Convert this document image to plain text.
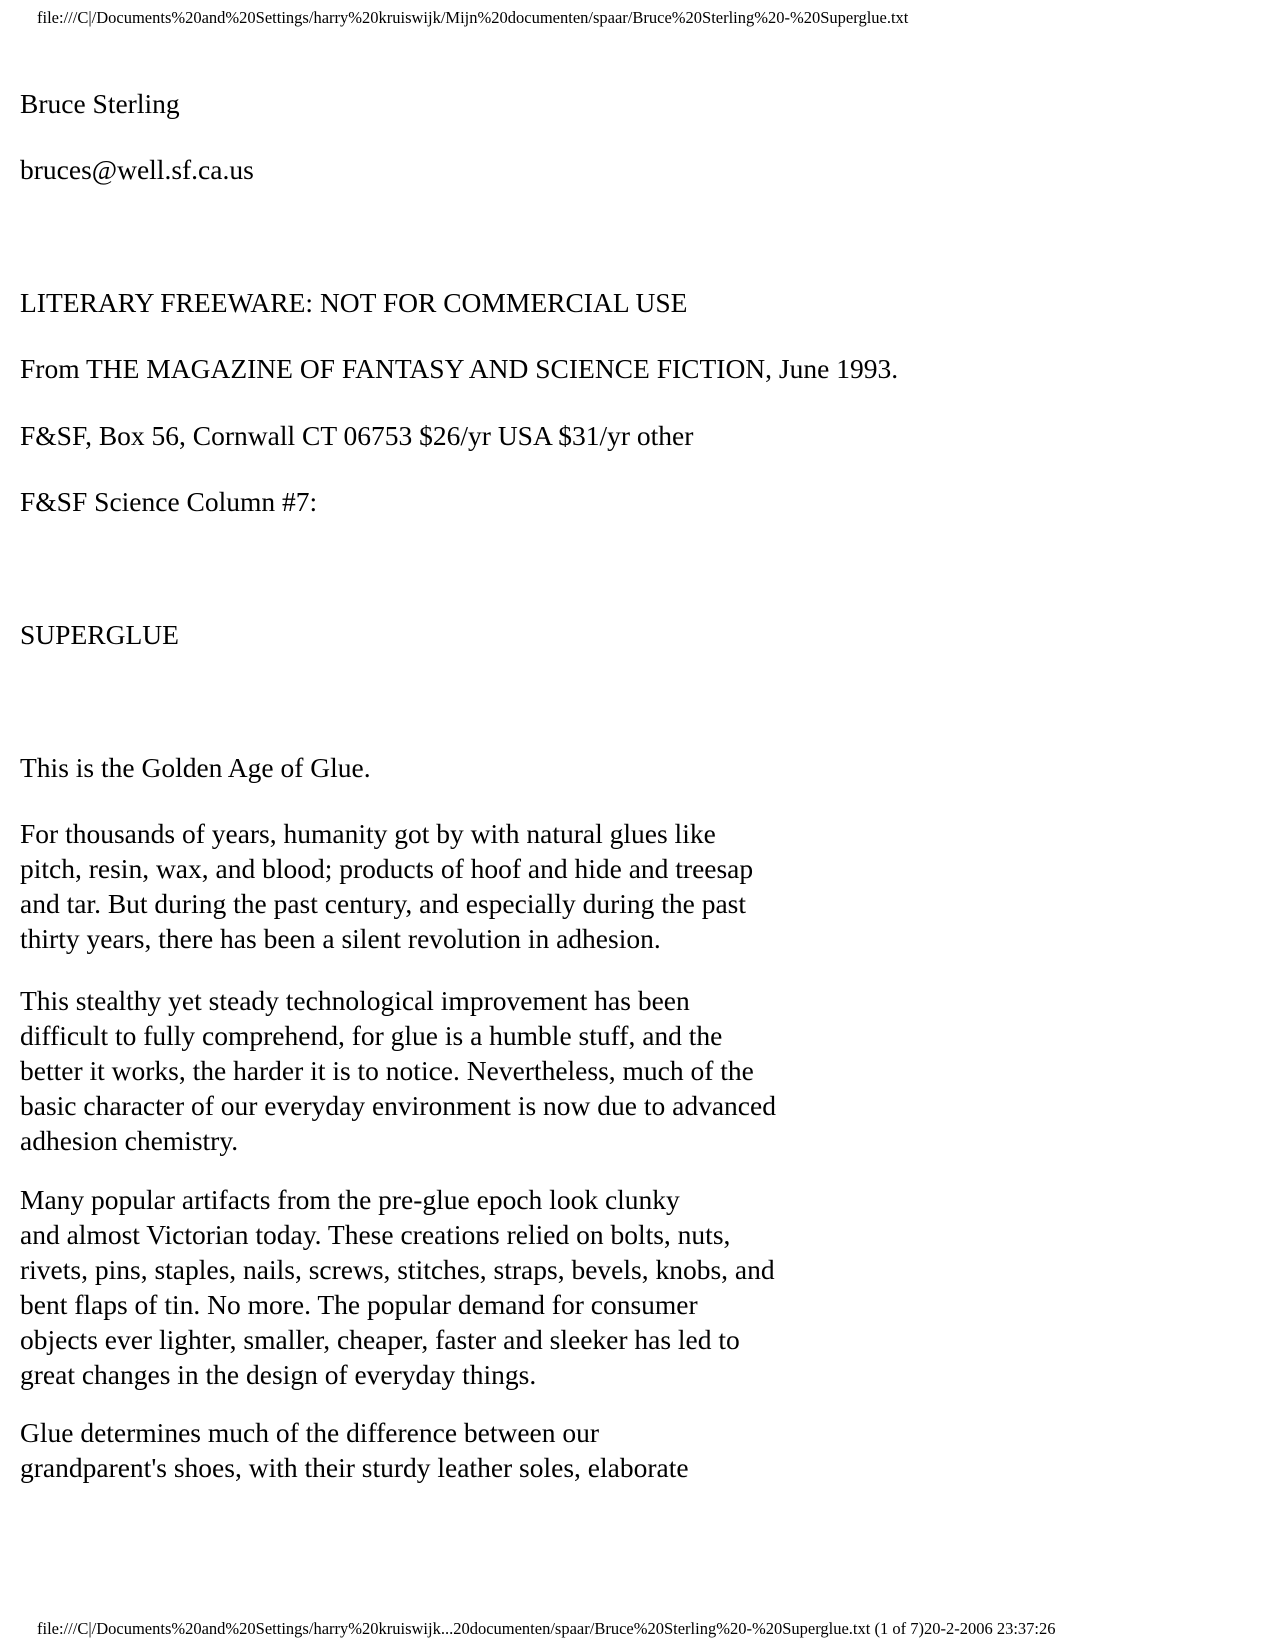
file:///C|/Documents%20and%20Settings/harry%20kruiswijk/Mijn%20documenten/spaar/Bruce%20Sterling%20-%20Superglue.txt
Bruce Sterling
bruces@well.sf.ca.us
LITERARY FREEWARE: NOT FOR COMMERCIAL USE
From THE MAGAZINE OF FANTASY AND SCIENCE FICTION, June 1993.
F&SF, Box 56, Cornwall CT 06753 $26/yr USA $31/yr other
F&SF Science Column #7:
SUPERGLUE
This is the Golden Age of Glue.
For thousands of years, humanity got by with natural glues like
pitch, resin, wax, and blood; products of hoof and hide and treesap
and tar. But during the past century, and especially during the past
thirty years, there has been a silent revolution in adhesion.
This stealthy yet steady technological improvement has been
difficult to fully comprehend, for glue is a humble stuff, and the
better it works, the harder it is to notice. Nevertheless, much of the
basic character of our everyday environment is now due to advanced
adhesion chemistry.
Many popular artifacts from the pre-glue epoch look clunky
and almost Victorian today. These creations relied on bolts, nuts,
rivets, pins, staples, nails, screws, stitches, straps, bevels, knobs, and
bent flaps of tin. No more. The popular demand for consumer
objects ever lighter, smaller, cheaper, faster and sleeker has led to
great changes in the design of everyday things.
Glue determines much of the difference between our
grandparent's shoes, with their sturdy leather soles, elaborate
file:///C|/Documents%20and%20Settings/harry%20kruiswijk...20documenten/spaar/Bruce%20Sterling%20-%20Superglue.txt (1 of 7)20-2-2006 23:37:26
